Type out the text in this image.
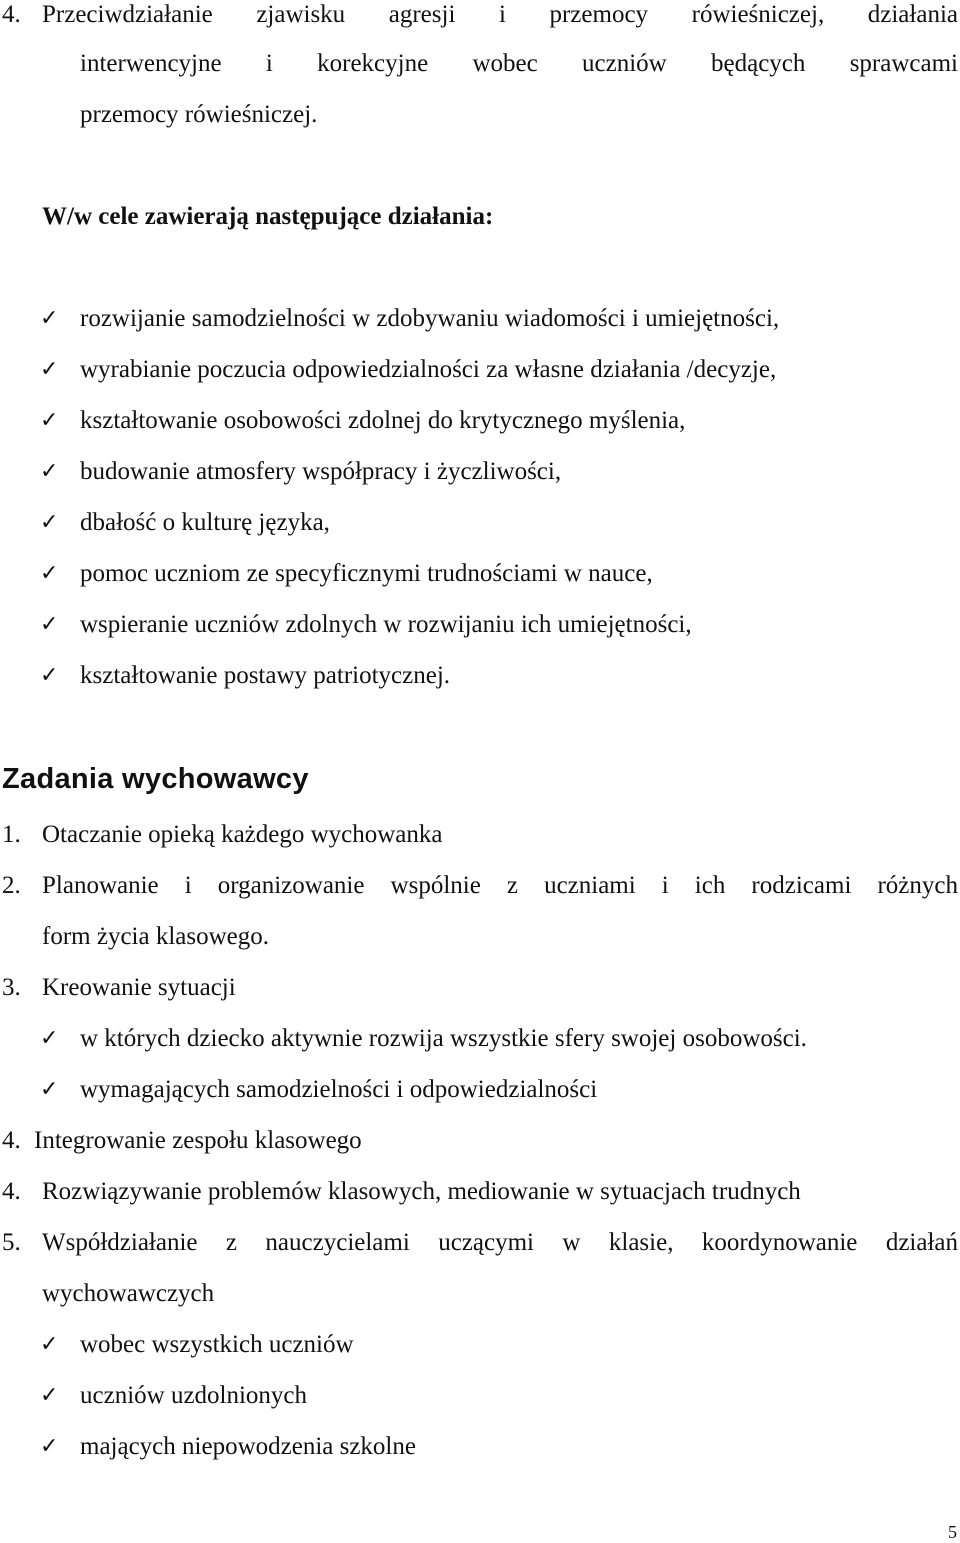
4. Przeciwdziałanie zjawisku agresji i przemocy rówieśniczej, działania
interwencyjne i korekcyjne wobec uczniów będących sprawcami
przemocy rówieśniczej.
W/w cele zawierają następujące działania:
✓ rozwijanie samodzielności w zdobywaniu wiadomości i umiejętności,
✓ wyrabianie poczucia odpowiedzialności za własne działania /decyzje,
✓ kształtowanie osobowości zdolnej do krytycznego myślenia,
✓ budowanie atmosfery współpracy i życzliwości,
✓ dbałość o kulturę języka,
✓ pomoc uczniom ze specyficznymi trudnościami w nauce,
✓ wspieranie uczniów zdolnych w rozwijaniu ich umiejętności,
✓ kształtowanie postawy patriotycznej.
Zadania wychowawcy
1. Otaczanie opieką każdego wychowanka
2. Planowanie i organizowanie wspólnie z uczniami i ich rodzicami różnych
form życia klasowego.
3. Kreowanie sytuacji
✓ w których dziecko aktywnie rozwija wszystkie sfery swojej osobowości.
✓ wymagających samodzielności i odpowiedzialności
4. Integrowanie zespołu klasowego
4. Rozwiązywanie problemów klasowych, mediowanie w sytuacjach trudnych
5. Współdziałanie z nauczycielami uczącymi w klasie, koordynowanie działań
wychowawczych
✓ wobec wszystkich uczniów
✓ uczniów uzdolnionych
✓ mających niepowodzenia szkolne
5
